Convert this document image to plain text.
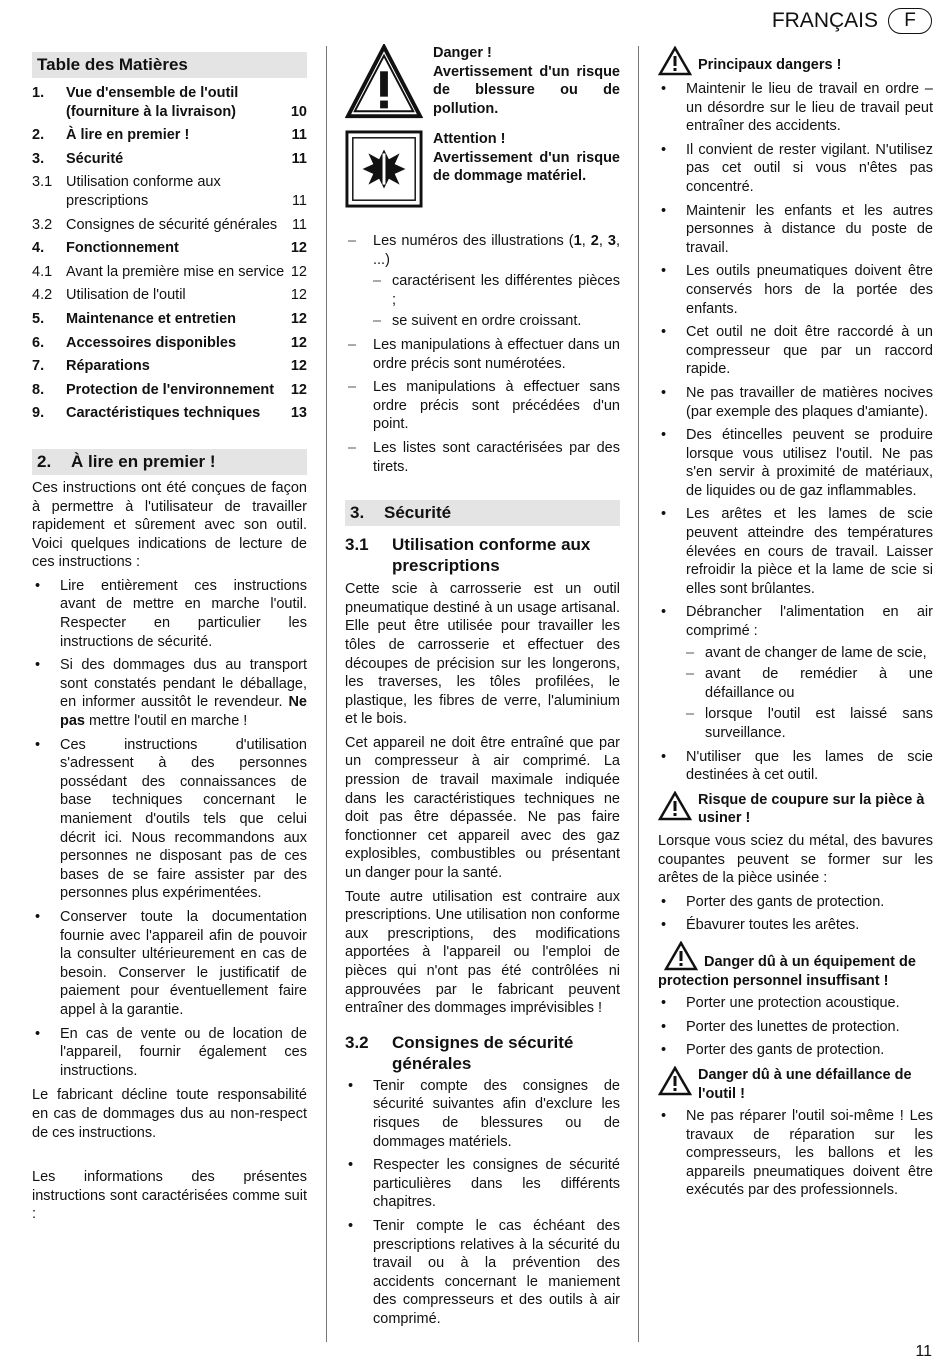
FRANÇAIS	F
Table des Matières
1.	Vue d'ensemble de l'outil (fourniture à la livraison)	10
2.	À lire en premier !	11
3.	Sécurité	11
3.1 Utilisation conforme aux prescriptions	11
3.2 Consignes de sécurité générales	11
4.	Fonctionnement	12
4.1 Avant la première mise en service 12
4.2 Utilisation de l'outil	12
5.	Maintenance et entretien	12
6.	Accessoires disponibles	12
7.	Réparations	12
8.	Protection de l'environnement	12
9.	Caractéristiques techniques	13
2.	À lire en premier !

Ces instructions ont été conçues de façon à permettre à l'utilisateur de travailler rapidement et sûrement avec son outil. Voici quelques indications de lecture de ces instructions :

• Lire entièrement ces instructions avant de mettre en marche l'outil. Respecter en particulier les instructions de sécurité.
• Si des dommages dus au transport sont constatés pendant le déballage, en informer aussitôt le revendeur. Ne pas mettre l'outil en marche !
• Ces instructions d'utilisation s'adressent à des personnes possédant des connaissances de base techniques concernant le maniement d'outils tels que celui décrit ici. Nous recommandons aux personnes ne disposant pas de ces bases de se faire assister par des personnes plus expérimentées.
• Conserver toute la documentation fournie avec l'appareil afin de pouvoir la consulter ultérieurement en cas de besoin. Conserver le justificatif de paiement pour éventuellement faire appel à la garantie.
• En cas de vente ou de location de l'appareil, fournir également ces instructions.

Le fabricant décline toute responsabilité en cas de dommages dus au non-respect de ces instructions.

Les informations des présentes instructions sont caractérisées comme suit :

Danger !
Avertissement d'un risque de blessure ou de pollution.
Attention !
Avertissement d'un risque de dommage matériel.
– Les numéros des illustrations (1, 2, 3, ...)
– caractérisent les différentes pièces ;
– se suivent en ordre croissant.
– Les manipulations à effectuer dans un ordre précis sont numérotées.
– Les manipulations à effectuer sans ordre précis sont précédées d'un point.
– Les listes sont caractérisées par des tirets.
3.	Sécurité
3.1	Utilisation conforme aux prescriptions

Cette scie à carrosserie est un outil pneumatique destiné à un usage artisanal. Elle peut être utilisée pour travailler les tôles de carrosserie et effectuer des découpes de précision sur les longerons, les traverses, les tôles profilées, le plastique, les fibres de verre, l'aluminium et le bois.

Cet appareil ne doit être entraîné que par un compresseur à air comprimé. La pression de travail maximale indiquée dans les caractéristiques techniques ne doit pas être dépassée. Ne pas faire fonctionner cet appareil avec des gaz explosibles, combustibles ou présentant un danger pour la santé.

Toute autre utilisation est contraire aux prescriptions. Une utilisation non conforme aux prescriptions, des modifications apportées à l'appareil ou l'emploi de pièces qui n'ont pas été contrôlées ni approuvées par le fabricant peuvent entraîner des dommages imprévisibles !

3.2	Consignes de sécurité générales
• Tenir compte des consignes de sécurité suivantes afin d'exclure les risques de blessures ou de dommages matériels.
• Respecter les consignes de sécurité particulières dans les différents chapitres.
• Tenir compte le cas échéant des prescriptions relatives à la sécurité du travail ou à la prévention des accidents concernant le maniement des compresseurs et des outils à air comprimé.
Principaux dangers !
• Maintenir le lieu de travail en ordre – un désordre sur le lieu de travail peut entraîner des accidents.
• Il convient de rester vigilant. N'utilisez pas cet outil si vous n'êtes pas concentré.
• Maintenir les enfants et les autres personnes à distance du poste de travail.
• Les outils pneumatiques doivent être conservés hors de la portée des enfants.
• Cet outil ne doit être raccordé à un compresseur que par un raccord rapide.
• Ne pas travailler de matières nocives (par exemple des plaques d'amiante).
• Des étincelles peuvent se produire lorsque vous utilisez l'outil. Ne pas s'en servir à proximité de matériaux, de liquides ou de gaz inflammables.
• Les arêtes et les lames de scie peuvent atteindre des températures élevées en cours de travail. Laisser refroidir la pièce et la lame de scie si elles sont brûlantes.
• Débrancher l'alimentation en air comprimé :
– avant de changer de lame de scie,
– avant de remédier à une défaillance ou
– lorsque l'outil est laissé sans surveillance.
• N'utiliser que les lames de scie destinées à cet outil.
Risque de coupure sur la pièce à usiner !

Lorsque vous sciez du métal, des bavures coupantes peuvent se former sur les arêtes de la pièce usinée :

• Porter des gants de protection.
• Ébavurer toutes les arêtes.
Danger dû à un équipement de protection personnel insuffisant !
• Porter une protection acoustique.
• Porter des lunettes de protection.
• Porter des gants de protection.
Danger dû à une défaillance de l'outil !
• Ne pas réparer l'outil soi-même ! Les travaux de réparation sur les compresseurs, les ballons et les appareils pneumatiques doivent être exécutés par des professionnels.
11
